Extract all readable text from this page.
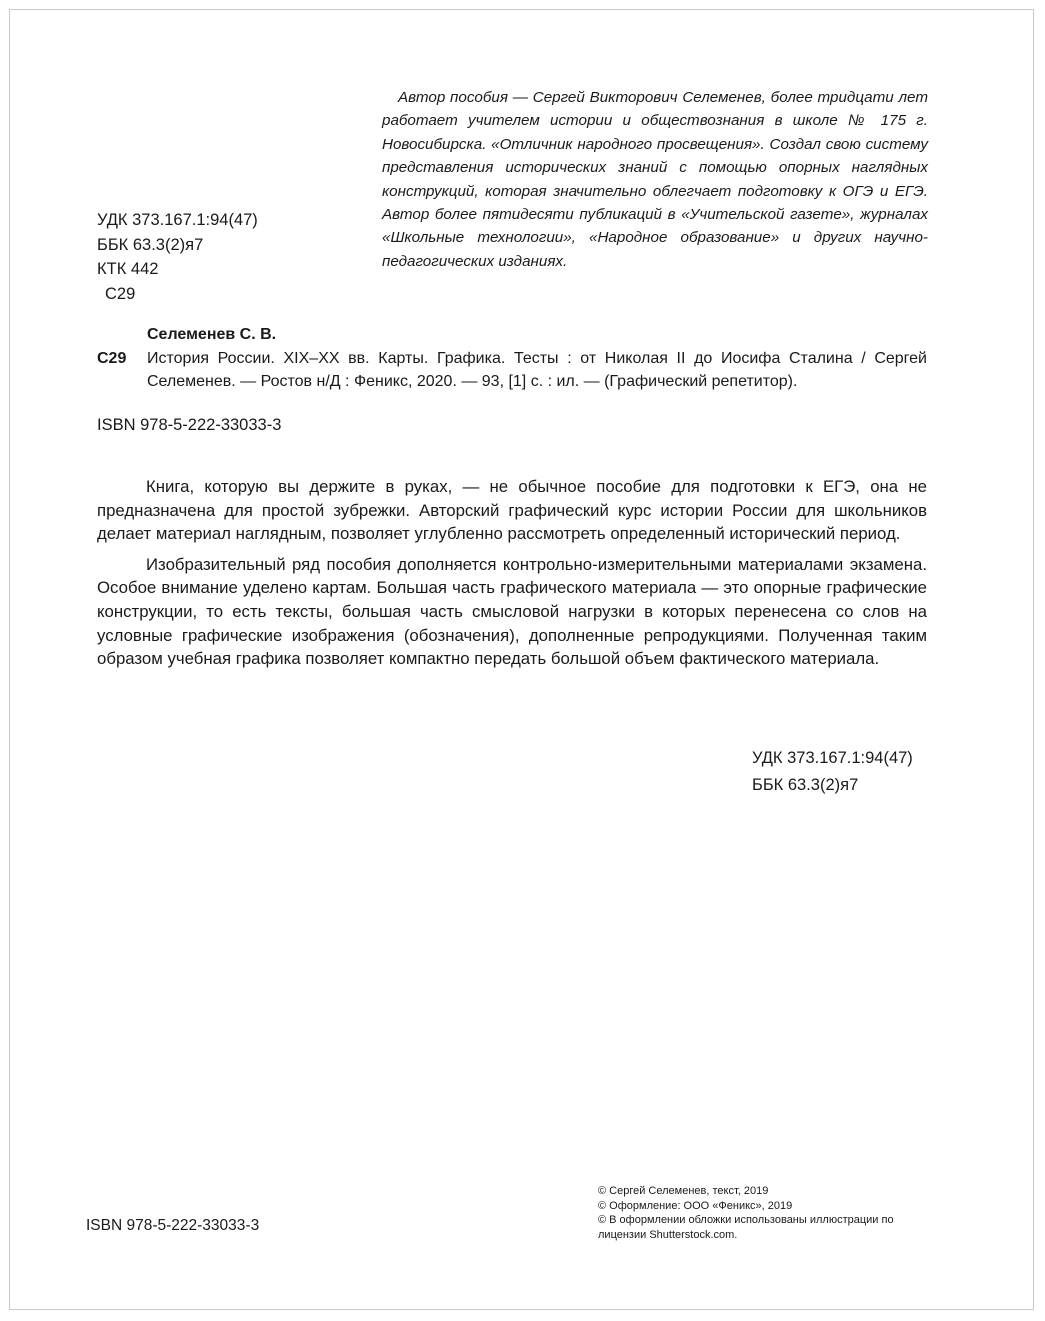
Автор пособия — Сергей Викторович Селеменев, более тридцати лет работает учителем истории и обществознания в школе № 175 г. Новосибирска. «Отличник народного просвещения». Создал свою систему представления исторических знаний с помощью опорных наглядных конструкций, которая значительно облегчает подготовку к ОГЭ и ЕГЭ. Автор более пятидесяти публикаций в «Учительской газете», журналах «Школьные технологии», «Народное образование» и других научно-педагогических изданиях.
УДК 373.167.1:94(47)
ББК 63.3(2)я7
КТК 442
С29
Селеменев С. В.
С29 История России. XIX–XX вв. Карты. Графика. Тесты : от Николая II до Иосифа Сталина / Сергей Селеменев. — Ростов н/Д : Феникс, 2020. — 93, [1] с. : ил. — (Графический репетитор).
ISBN 978-5-222-33033-3

Книга, которую вы держите в руках, — не обычное пособие для подготовки к ЕГЭ, она не предназначена для простой зубрежки. Авторский графический курс истории России для школьников делает материал наглядным, позволяет углубленно рассмотреть определенный исторический период.

Изобразительный ряд пособия дополняется контрольно-измерительными материалами экзамена. Особое внимание уделено картам. Большая часть графического материала — это опорные графические конструкции, то есть тексты, большая часть смысловой нагрузки в которых перенесена со слов на условные графические изображения (обозначения), дополненные репродукциями. Полученная таким образом учебная графика позволяет компактно передать большой объем фактического материала.

УДК 373.167.1:94(47)
ББК 63.3(2)я7
ISBN 978-5-222-33033-3
© Сергей Селеменев, текст, 2019
© Оформление: ООО «Феникс», 2019
© В оформлении обложки использованы иллюстрации по лицензии Shutterstock.com.
